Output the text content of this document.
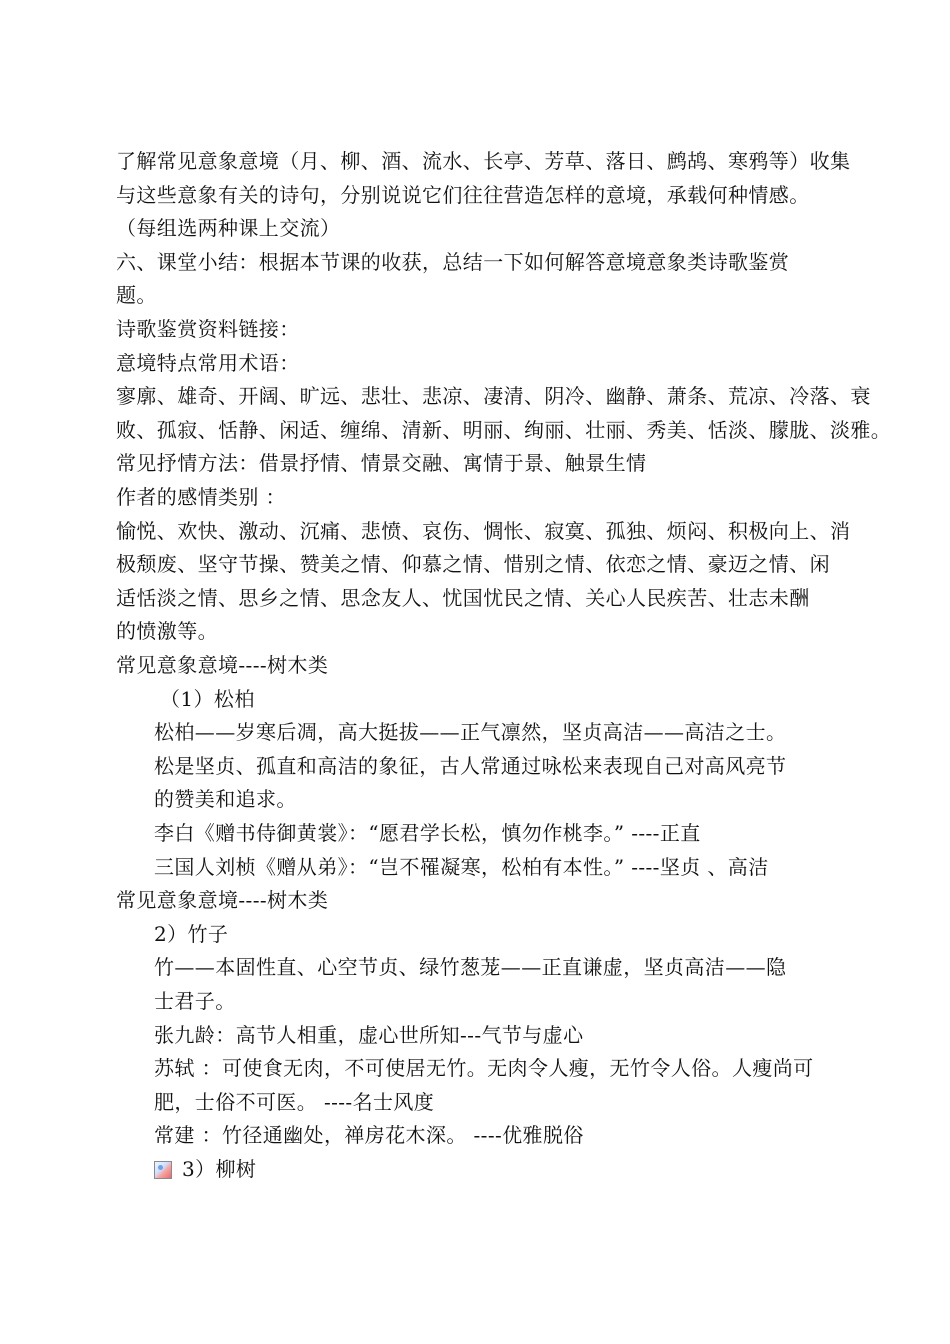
了解常见意象意境（月、柳、酒、流水、长亭、芳草、落日、鹧鸪、寒鸦等）收集
与这些意象有关的诗句，分别说说它们往往营造怎样的意境，承载何种情感。
（每组选两种课上交流）
六、课堂小结：根据本节课的收获，总结一下如何解答意境意象类诗歌鉴赏
题。
诗歌鉴赏资料链接：
意境特点常用术语：
寥廓、雄奇、开阔、旷远、悲壮、悲凉、凄清、阴冷、幽静、萧条、荒凉、冷落、衰
败、孤寂、恬静、闲适、缠绵、清新、明丽、绚丽、壮丽、秀美、恬淡、朦胧、淡雅。
常见抒情方法：借景抒情、情景交融、寓情于景、触景生情
作者的感情类别 ：
愉悦、欢快、激动、沉痛、悲愤、哀伤、惆怅、寂寞、孤独、烦闷、积极向上、消
极颓废、坚守节操、赞美之情、仰慕之情、惜别之情、依恋之情、豪迈之情、闲
适恬淡之情、思乡之情、思念友人、忧国忧民之情、关心人民疾苦、壮志未酬
的愤激等。
常见意象意境----树木类
（1）松柏
松柏——岁寒后凋，高大挺拔——正气凛然，坚贞高洁——高洁之士。
松是坚贞、孤直和高洁的象征，古人常通过咏松来表现自己对高风亮节
的赞美和追求。
李白《赠书侍御黄裳》：“愿君学长松，慎勿作桃李。” ----正直
三国人刘桢《赠从弟》：“岂不罹凝寒，松柏有本性。” ----坚贞 、高洁
常见意象意境----树木类
2）竹子
竹——本固性直、心空节贞、绿竹葱茏——正直谦虚，坚贞高洁——隐
士君子。
张九龄：高节人相重，虚心世所知---气节与虚心
苏轼 ：可使食无肉，不可使居无竹。无肉令人瘦，无竹令人俗。人瘦尚可
肥，士俗不可医。 ----名士风度
常建 ：竹径通幽处，禅房花木深。 ----优雅脱俗
3）柳树
